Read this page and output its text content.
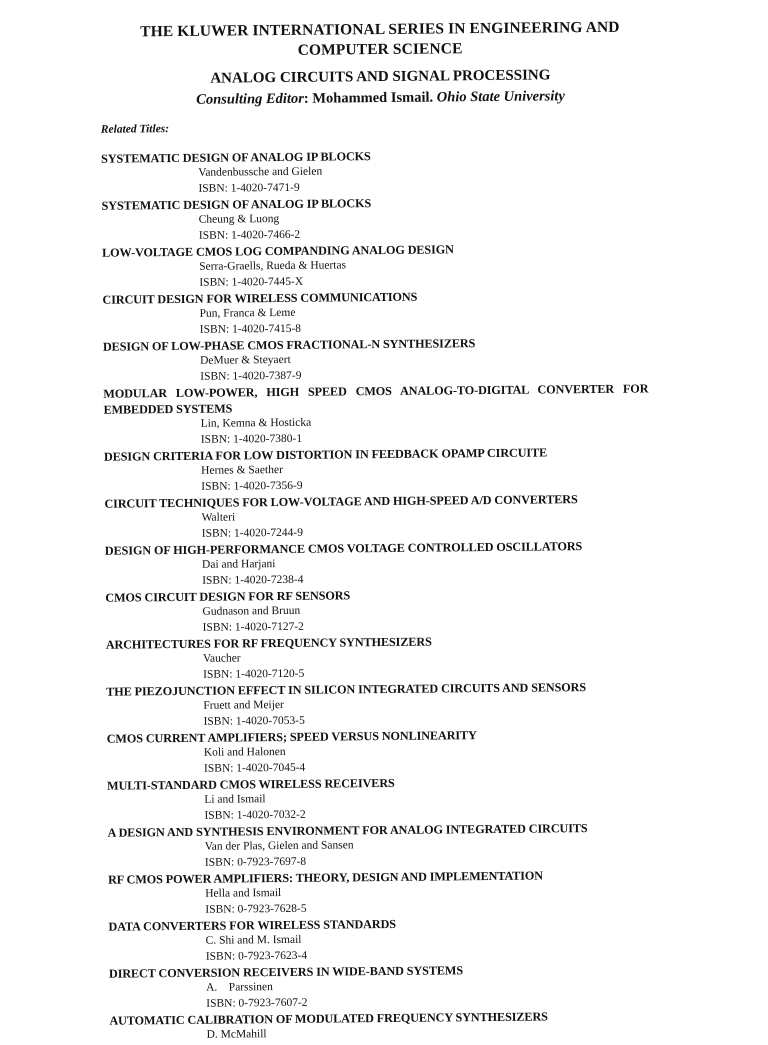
THE KLUWER INTERNATIONAL SERIES IN ENGINEERING AND COMPUTER SCIENCE
ANALOG CIRCUITS AND SIGNAL PROCESSING
Consulting Editor: Mohammed Ismail. Ohio State University
Related Titles:
SYSTEMATIC DESIGN OF ANALOG IP BLOCKS
Vandenbussche and Gielen
ISBN: 1-4020-7471-9
SYSTEMATIC DESIGN OF ANALOG IP BLOCKS
Cheung & Luong
ISBN: 1-4020-7466-2
LOW-VOLTAGE CMOS LOG COMPANDING ANALOG DESIGN
Serra-Graells, Rueda & Huertas
ISBN: 1-4020-7445-X
CIRCUIT DESIGN FOR WIRELESS COMMUNICATIONS
Pun, Franca & Leme
ISBN: 1-4020-7415-8
DESIGN OF LOW-PHASE CMOS FRACTIONAL-N SYNTHESIZERS
DeMuer & Steyaert
ISBN: 1-4020-7387-9
MODULAR LOW-POWER, HIGH SPEED CMOS ANALOG-TO-DIGITAL CONVERTER FOR EMBEDDED SYSTEMS
Lin, Kemna & Hosticka
ISBN: 1-4020-7380-1
DESIGN CRITERIA FOR LOW DISTORTION IN FEEDBACK OPAMP CIRCUITE
Hernes & Saether
ISBN: 1-4020-7356-9
CIRCUIT TECHNIQUES FOR LOW-VOLTAGE AND HIGH-SPEED A/D CONVERTERS
Walteri
ISBN: 1-4020-7244-9
DESIGN OF HIGH-PERFORMANCE CMOS VOLTAGE CONTROLLED OSCILLATORS
Dai and Harjani
ISBN: 1-4020-7238-4
CMOS CIRCUIT DESIGN FOR RF SENSORS
Gudnason and Bruun
ISBN: 1-4020-7127-2
ARCHITECTURES FOR RF FREQUENCY SYNTHESIZERS
Vaucher
ISBN: 1-4020-7120-5
THE PIEZOJUNCTION EFFECT IN SILICON INTEGRATED CIRCUITS AND SENSORS
Fruett and Meijer
ISBN: 1-4020-7053-5
CMOS CURRENT AMPLIFIERS; SPEED VERSUS NONLINEARITY
Koli and Halonen
ISBN: 1-4020-7045-4
MULTI-STANDARD CMOS WIRELESS RECEIVERS
Li and Ismail
ISBN: 1-4020-7032-2
A DESIGN AND SYNTHESIS ENVIRONMENT FOR ANALOG INTEGRATED CIRCUITS
Van der Plas, Gielen and Sansen
ISBN: 0-7923-7697-8
RF CMOS POWER AMPLIFIERS: THEORY, DESIGN AND IMPLEMENTATION
Hella and Ismail
ISBN: 0-7923-7628-5
DATA CONVERTERS FOR WIRELESS STANDARDS
C. Shi and M. Ismail
ISBN: 0-7923-7623-4
DIRECT CONVERSION RECEIVERS IN WIDE-BAND SYSTEMS
A.    Parssinen
ISBN: 0-7923-7607-2
AUTOMATIC CALIBRATION OF MODULATED FREQUENCY SYNTHESIZERS
D. McMahill
